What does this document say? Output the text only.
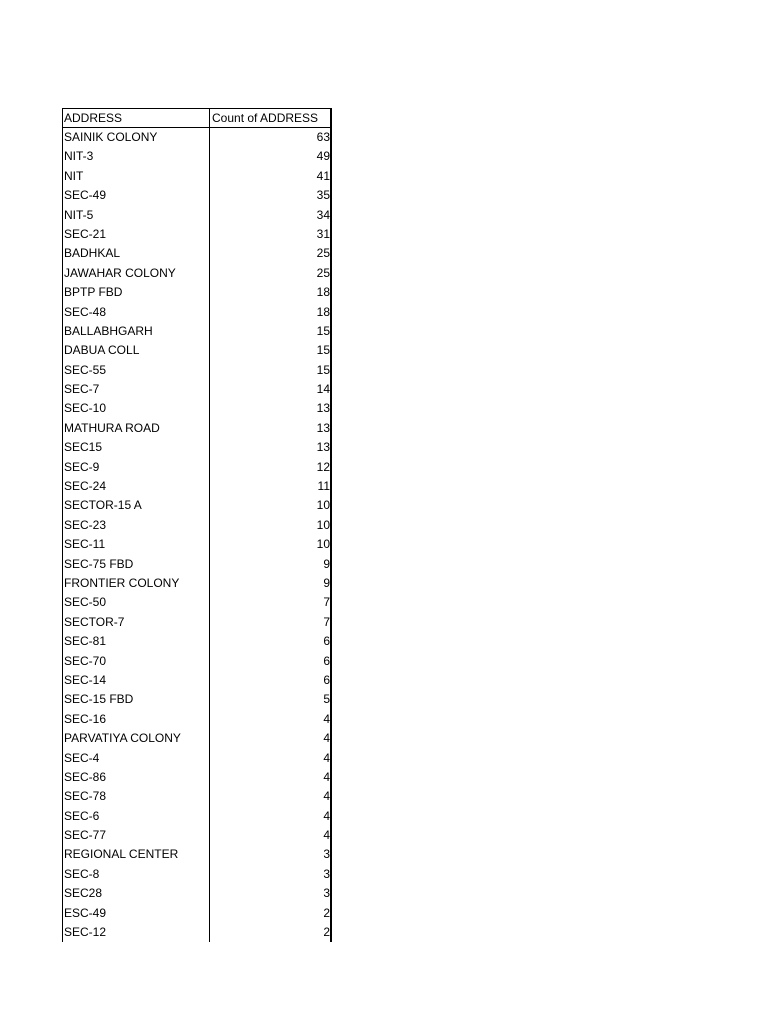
ADDRESS	Count of ADDRESS
SAINIK COLONY	63
NIT-3	49
NIT	41
SEC-49	35
NIT-5	34
SEC-21	31
BADHKAL	25
JAWAHAR COLONY	25
BPTP FBD	18
SEC-48	18
BALLABHGARH	15
DABUA COLL	15
SEC-55	15
SEC-7	14
SEC-10	13
MATHURA ROAD	13
SEC15	13
SEC-9	12
SEC-24	11
SECTOR-15 A	10
SEC-23	10
SEC-11	10
SEC-75 FBD	9
FRONTIER COLONY	9
SEC-50	7
SECTOR-7	7
SEC-81	6
SEC-70	6
SEC-14	6
SEC-15 FBD	5
SEC-16	4
PARVATIYA COLONY	4
SEC-4	4
SEC-86	4
SEC-78	4
SEC-6	4
SEC-77	4
REGIONAL CENTER	3
SEC-8	3
SEC28	3
ESC-49	2
SEC-12	2
